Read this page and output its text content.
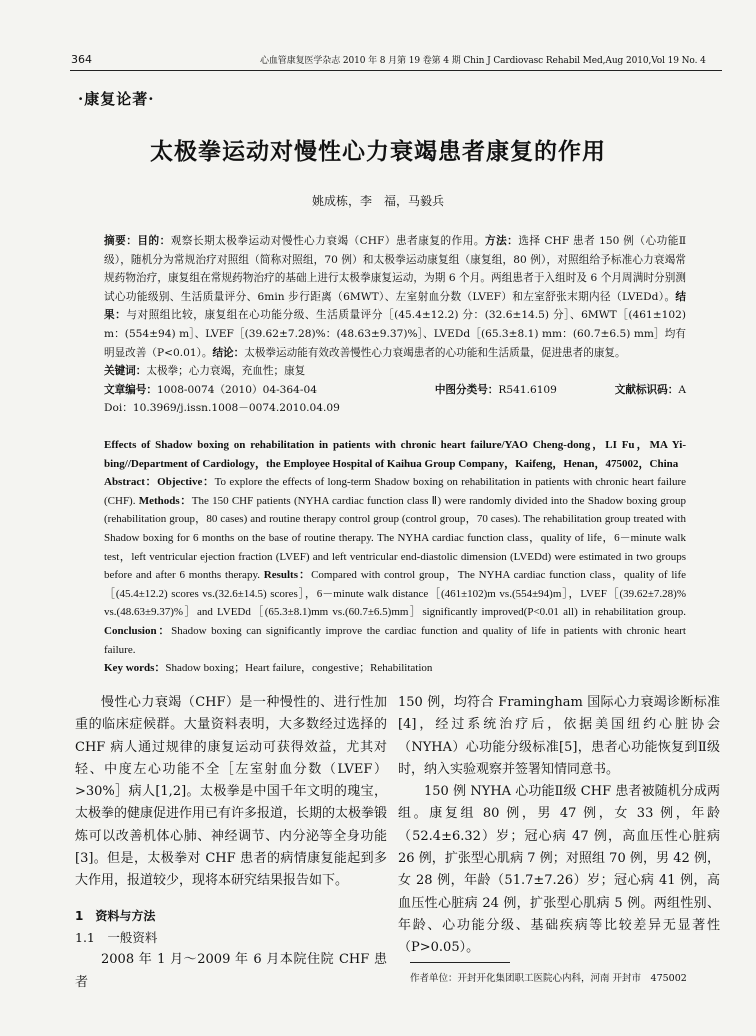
364	心血管康复医学杂志 2010 年 8 月第 19 卷第 4 期 Chin J Cardiovasc Rehabil Med,Aug 2010,Vol 19 No. 4
·康复论著·
太极拳运动对慢性心力衰竭患者康复的作用
姚成栋，李　福，马毅兵
摘要：目的：观察长期太极拳运动对慢性心力衰竭（CHF）患者康复的作用。方法：选择 CHF 患者 150 例（心功能Ⅱ级），随机分为常规治疗对照组（简称对照组，70 例）和太极拳运动康复组（康复组，80 例），对照组给予标准心力衰竭常规药物治疗，康复组在常规药物治疗的基础上进行太极拳康复运动，为期 6 个月。两组患者于入组时及 6 个月周满时分别测试心功能级别、生活质量评分、6min 步行距离（6MWT）、左室射血分数（LVEF）和左室舒张末期内径（LVEDd）。结果：与对照组比较，康复组在心功能分级、生活质量评分［(45.4±12.2) 分：(32.6±14.5) 分］、6MWT［(461±102) m：(554±94) m］、LVEF［(39.62±7.28)%：(48.63±9.37)%］、LVEDd［(65.3±8.1) mm：(60.7±6.5) mm］均有明显改善（P<0.01）。结论：太极拳运动能有效改善慢性心力衰竭患者的心功能和生活质量，促进患者的康复。
关键词：太极拳；心力衰竭，充血性；康复
文章编号：1008-0074（2010）04-364-04	中图分类号：R541.6109	文献标识码：A
Doi：10.3969/j.issn.1008－0074.2010.04.09
Effects of Shadow boxing on rehabilitation in patients with chronic heart failure/YAO Cheng-dong，LI Fu，MA Yi-bing//Department of Cardiology，the Employee Hospital of Kaihua Group Company，Kaifeng，Henan，475002，China
Abstract：Objective：To explore the effects of long-term Shadow boxing on rehabilitation in patients with chronic heart failure (CHF). Methods：The 150 CHF patients (NYHA cardiac function class Ⅱ) were randomly divided into the Shadow boxing group (rehabilitation group，80 cases) and routine therapy control group (control group，70 cases). The rehabilitation group treated with Shadow boxing for 6 months on the base of routine therapy. The NYHA cardiac function class，quality of life，6－minute walk test，left ventricular ejection fraction (LVEF) and left ventricular end-diastolic dimension (LVEDd) were estimated in two groups before and after 6 months therapy. Results：Compared with control group，The NYHA cardiac function class，quality of life［(45.4±12.2) scores vs.(32.6±14.5) scores］，6－minute walk distance［(461±102)m vs.(554±94)m］，LVEF［(39.62±7.28)% vs.(48.63±9.37)%］and LVEDd［(65.3±8.1)mm vs.(60.7±6.5)mm］significantly improved(P<0.01 all) in rehabilitation group. Conclusion：Shadow boxing can significantly improve the cardiac function and quality of life in patients with chronic heart failure.
Key words：Shadow boxing；Heart failure，congestive；Rehabilitation

慢性心力衰竭（CHF）是一种慢性的、进行性加重的临床症候群。大量资料表明，大多数经过选择的 CHF 病人通过规律的康复运动可获得效益，尤其对轻、中度左心功能不全［左室射血分数（LVEF）>30%］病人[1,2]。太极拳是中国千年文明的瑰宝，太极拳的健康促进作用已有许多报道，长期的太极拳锻炼可以改善机体心肺、神经调节、内分泌等全身功能[3]。但是，太极拳对 CHF 患者的病情康复能起到多大作用，报道较少，现将本研究结果报告如下。

1　资料与方法
1.1　一般资料

2008 年 1 月～2009 年 6 月本院住院 CHF 患者

150 例，均符合 Framingham 国际心力衰竭诊断标准[4]，经过系统治疗后，依据美国纽约心脏协会（NYHA）心功能分级标准[5]，患者心功能恢复到Ⅱ级时，纳入实验观察并签署知情同意书。

150 例 NYHA 心功能Ⅱ级 CHF 患者被随机分成两组。康复组 80 例，男 47 例，女 33 例，年龄（52.4±6.32）岁；冠心病 47 例，高血压性心脏病 26 例，扩张型心肌病 7 例；对照组 70 例，男 42 例，女 28 例，年龄（51.7±7.26）岁；冠心病 41 例，高血压性心脏病 24 例，扩张型心肌病 5 例。两组性别、年龄、心功能分级、基础疾病等比较差异无显著性（P>0.05）。

作者单位：开封开化集团职工医院心内科，河南 开封市　475002
